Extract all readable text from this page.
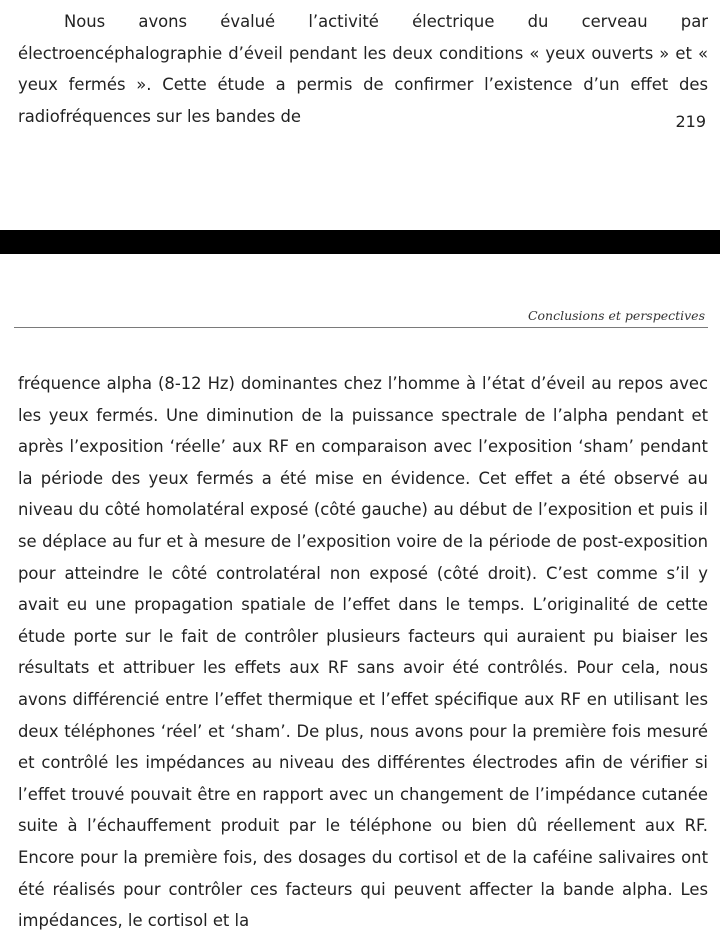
Nous avons évalué l’activité électrique du cerveau par électroencéphalographie d’éveil pendant les deux conditions « yeux ouverts » et « yeux fermés ». Cette étude a permis de confirmer l’existence d’un effet des radiofréquences sur les bandes de	219
Conclusions et perspectives

fréquence alpha (8-12 Hz) dominantes chez l’homme à l’état d’éveil au repos avec les yeux fermés. Une diminution de la puissance spectrale de l’alpha pendant et après l’exposition ‘réelle’ aux RF en comparaison avec l’exposition ‘sham’ pendant la période des yeux fermés a été mise en évidence. Cet effet a été observé au niveau du côté homolatéral exposé (côté gauche) au début de l’exposition et puis il se déplace au fur et à mesure de l’exposition voire de la période de post-exposition pour atteindre le côté controlatéral non exposé (côté droit). C’est comme s’il y avait eu une propagation spatiale de l’effet dans le temps. L’originalité de cette étude porte sur le fait de contrôler plusieurs facteurs qui auraient pu biaiser les résultats et attribuer les effets aux RF sans avoir été contrôlés. Pour cela, nous avons différencié entre l’effet thermique et l’effet spécifique aux RF en utilisant les deux téléphones ‘réel’ et ‘sham’. De plus, nous avons pour la première fois mesuré et contrôlé les impédances au niveau des différentes électrodes afin de vérifier si l’effet trouvé pouvait être en rapport avec un changement de l’impédance cutanée suite à l’échauffement produit par le téléphone ou bien dû réellement aux RF. Encore pour la première fois, des dosages du cortisol et de la caféine salivaires ont été réalisés pour contrôler ces facteurs qui peuvent affecter la bande alpha. Les impédances, le cortisol et la
